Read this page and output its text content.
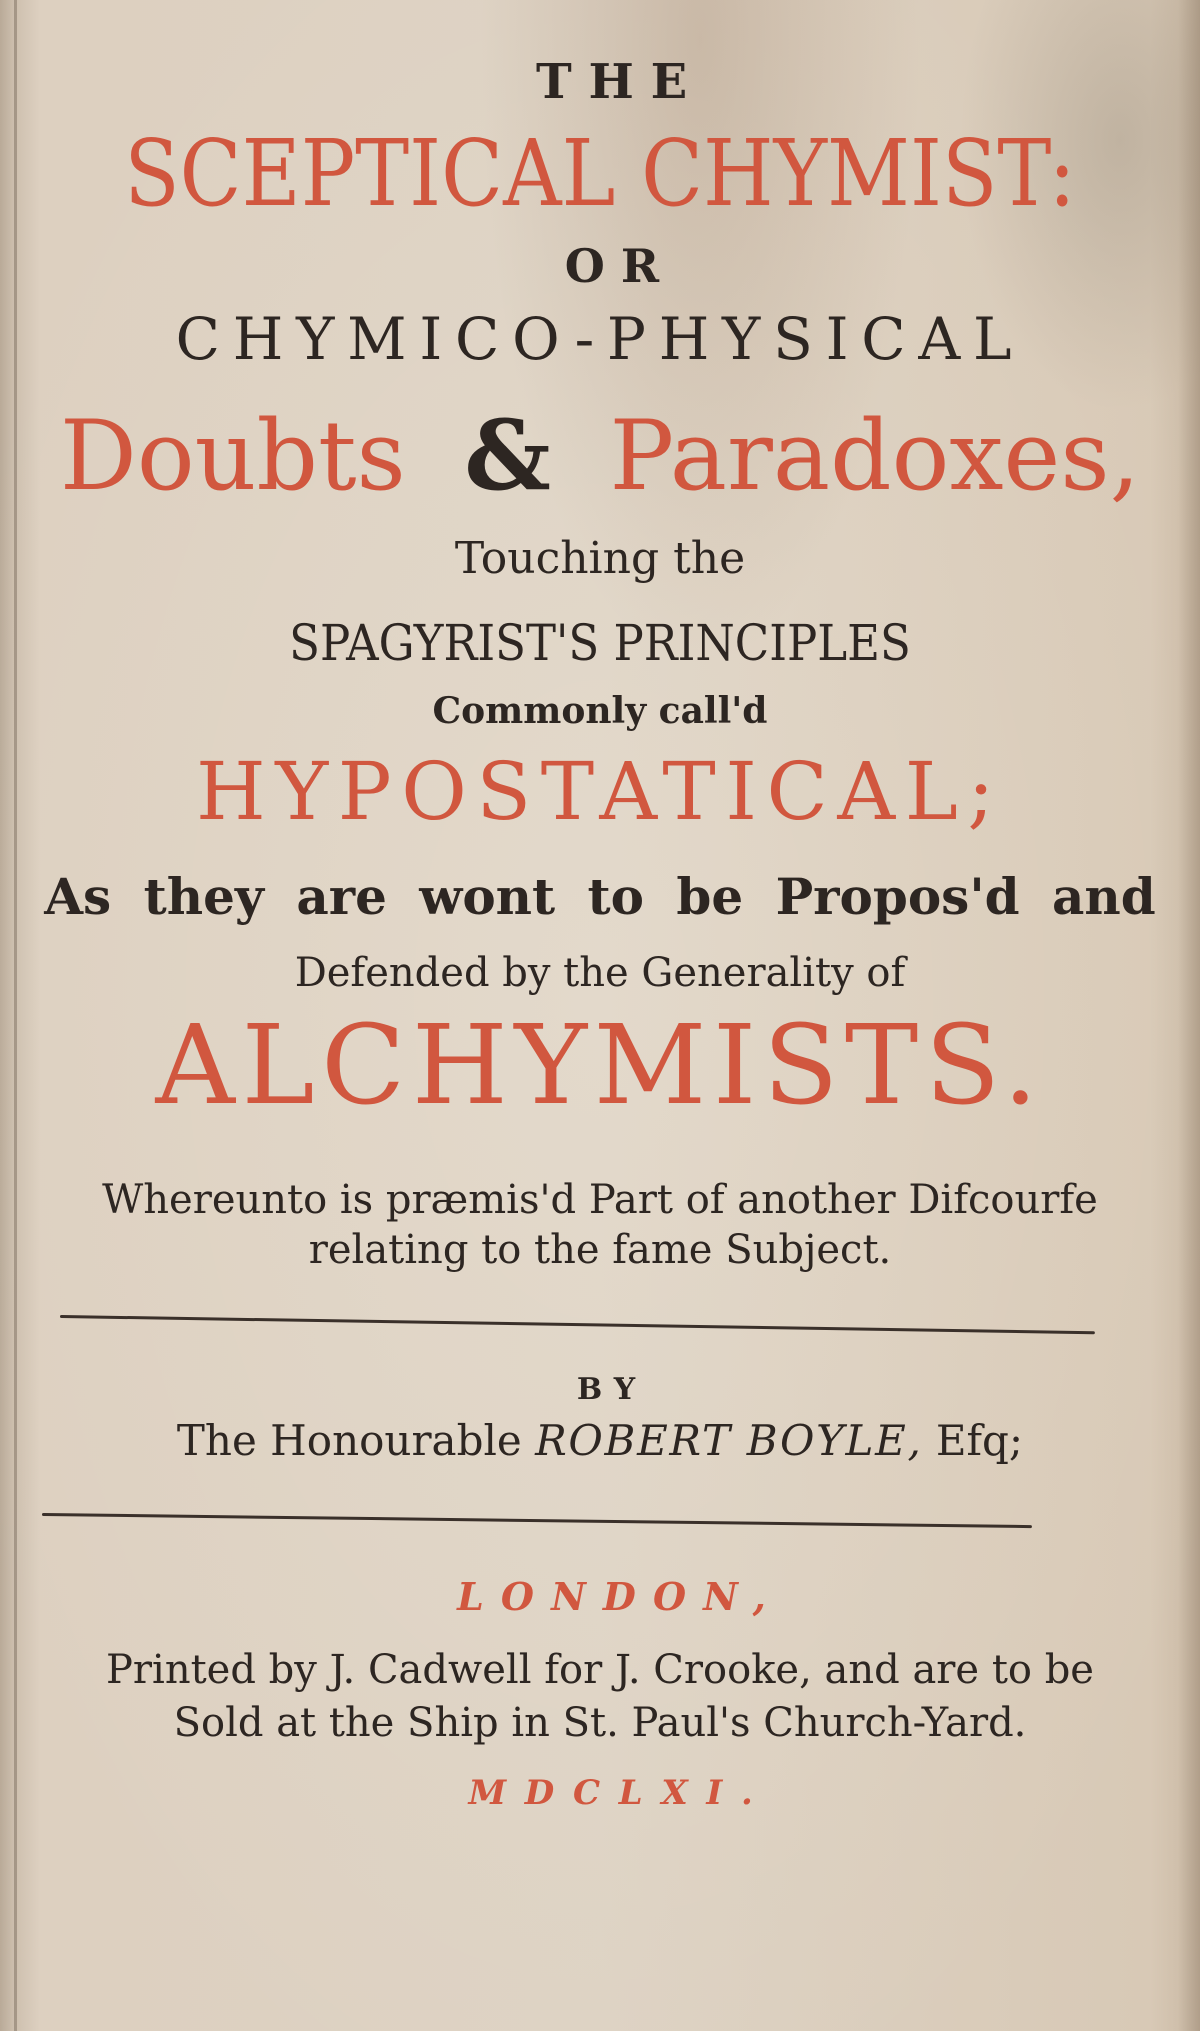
THE
SCEPTICAL CHYMIST:
OR
CHYMICO-PHYSICAL
Doubts & Paradoxes,
Touching the
SPAGYRIST'S PRINCIPLES
Commonly call'd
HYPOSTATICAL;
As they are wont to be Propos'd and
Defended by the Generality of
ALCHYMISTS.
Whereunto is præmis'd Part of another Difcourfe
relating to the fame Subject.
BY
The Honourable ROBERT BOYLE, Efq;
LONDON,
Printed by J. Cadwell for J. Crooke, and are to be
Sold at the Ship in St. Paul's Church-Yard.
MDCLXI.
